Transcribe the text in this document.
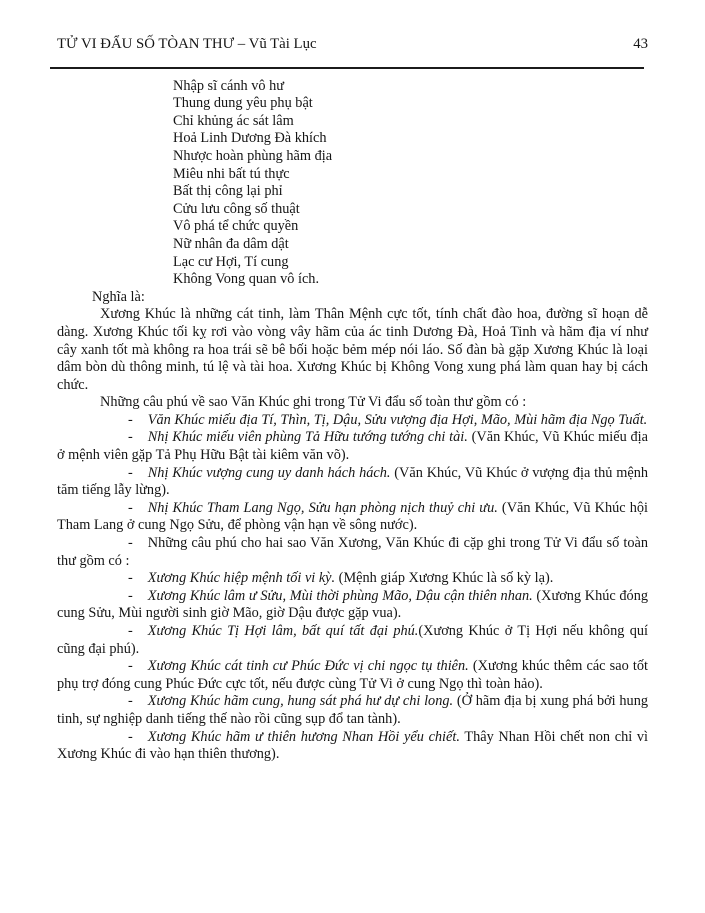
TỬ VI ĐẨU SỐ TÒAN THƯ – Vũ Tài Lục	43
Nhập sĩ cánh vô hư
Thung dung yêu phụ bật
Chỉ khủng ác sát lâm
Hoả Linh Dương Đà khích
Nhược hoàn phùng hãm địa
Miêu nhi bất tú thực
Bất thị công lại phỉ
Cửu lưu công số thuật
Vô phá tể chức quyền
Nữ nhân đa dâm dật
Lạc cư Hợi, Tí cung
Không Vong quan vô ích.
Nghĩa là:
Xương Khúc là những cát tinh, làm Thân Mệnh cực tốt, tính chất đào hoa, đường sĩ hoạn dễ dàng. Xương Khúc tối kỵ rơi vào vòng vây hãm của ác tinh Dương Đà, Hoả Tinh và hãm địa ví như cây xanh tốt mà không ra hoa trái sẽ bê bối hoặc bẻm mép nói láo. Số đàn bà gặp Xương Khúc là loại dâm bòn dù thông minh, tú lệ và tài hoa. Xương Khúc bị Không Vong xung phá làm quan hay bị cách chức.
Những câu phú về sao Văn Khúc ghi trong Tử Vi đẩu số toàn thư gồm có :
- Văn Khúc miếu địa Tí, Thìn, Tị, Dậu, Sửu vượng địa Hợi, Mão, Mùi hãm địa Ngọ Tuất.
- Nhị Khúc miếu viên phùng Tả Hữu tướng tướng chi tài. (Văn Khúc, Vũ Khúc miếu địa ở mệnh viên gặp Tả Phụ Hữu Bật tài kiêm văn võ).
- Nhị Khúc vượng cung uy danh hách hách. (Văn Khúc, Vũ Khúc ở vượng địa thủ mệnh tăm tiếng lẫy lừng).
- Nhị Khúc Tham Lang Ngọ, Sửu hạn phòng nịch thuỷ chi ưu. (Văn Khúc, Vũ Khúc hội Tham Lang ở cung Ngọ Sửu, để phòng vận hạn về sông nước).
- Những câu phú cho hai sao Văn Xương, Văn Khúc đi cặp ghi trong Tử Vi đẩu số toàn thư gồm có :
- Xương Khúc hiệp mệnh tối vi kỳ. (Mệnh giáp Xương Khúc là số kỳ lạ).
- Xương Khúc lâm ư Sửu, Mùi thời phùng Mão, Dậu cận thiên nhan. (Xương Khúc đóng cung Sửu, Mùi người sinh giờ Mão, giờ Dậu được gặp vua).
- Xương Khúc Tị Hợi lâm, bất quí tất đại phú.(Xương Khúc ở Tị Hợi nếu không quí cũng đại phú).
- Xương Khúc cát tinh cư Phúc Đức vị chi ngọc tụ thiên. (Xương khúc thêm các sao tốt phụ trợ đóng cung Phúc Đức cực tốt, nếu được cùng Tử Vi ở cung Ngọ thì toàn hảo).
- Xương Khúc hãm cung, hung sát phá hư dự chi long. (Ở hãm địa bị xung phá bởi hung tinh, sự nghiệp danh tiếng thế nào rồi cũng sụp đổ tan tành).
- Xương Khúc hãm ư thiên hương Nhan Hồi yểu chiết. Thây Nhan Hồi chết non chỉ vì Xương Khúc đi vào hạn thiên thương).
